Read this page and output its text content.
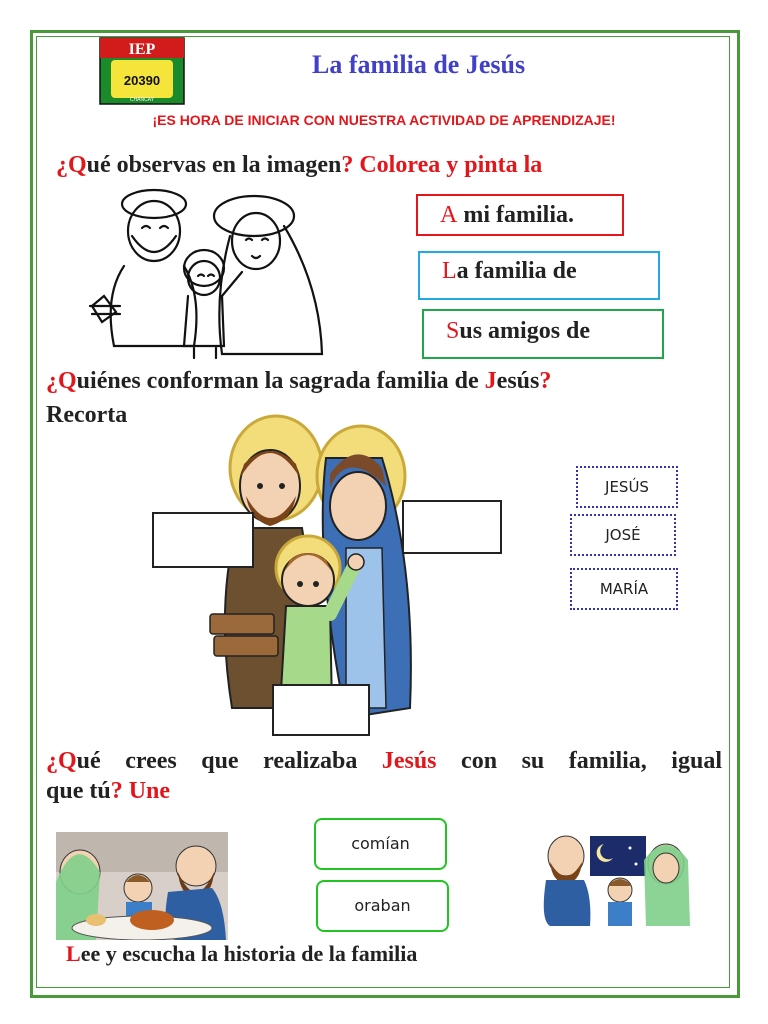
IEP
20390
CHANCAY
La familia de Jesús
¡ES HORA DE INICIAR CON NUESTRA ACTIVIDAD DE APRENDIZAJE!
¿Qué observas en la imagen? Colorea y pinta la
A mi familia.
La familia de
Sus amigos de
¿Quiénes conforman la sagrada familia de Jesús?
Recorta
JESÚS
JOSÉ
MARÍA
¿Qué crees que realizaba Jesús con su familia, igual
que tú? Une
comían
oraban
Lee y escucha la historia de la familia
